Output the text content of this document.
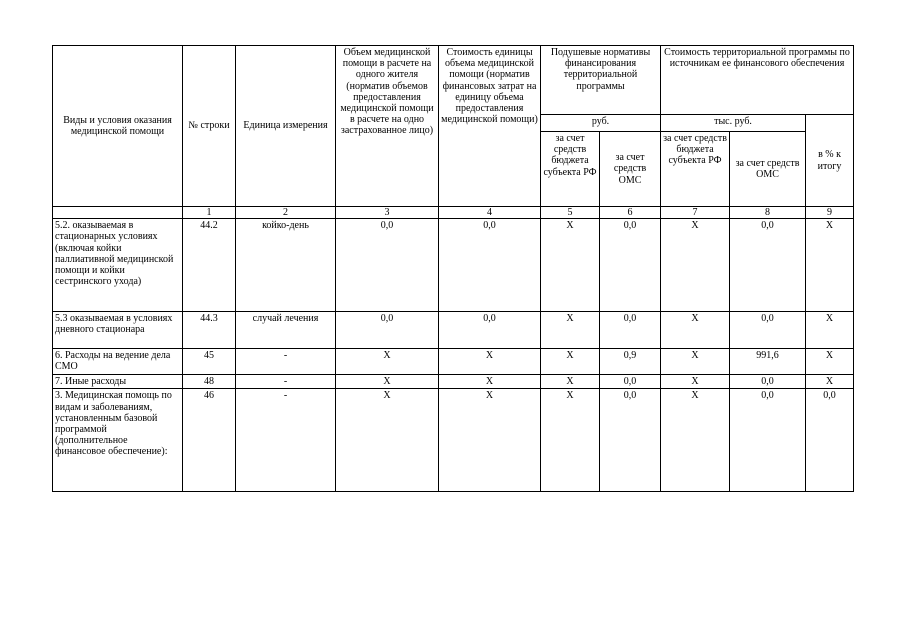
Виды и условия оказания медицинской помощи	№ строки	Единица измерения	Объем медицинской помощи в расчете на одного жителя (норматив объемов предоставления медицинской помощи в расчете на одно застрахованное лицо)	Стоимость единицы объема медицинской помощи (норматив финансовых затрат на единицу объема предоставления медицинской помощи)	Подушевые нормативы финансирования территориальной программы		Стоимость территориальной программы по источникам ее финансового обеспечения		
					руб.		тыс. руб.		в % к итогу
					за счет средств бюджета субъекта РФ	за счет средств ОМС	за счет средств бюджета субъекта РФ	за счет средств ОМС	
	1	2	3	4	5	6	7	8	9
5.2. оказываемая в стационарных условиях (включая койки паллиативной медицинской помощи и койки сестринского ухода)	44.2	койко-день	0,0	0,0	X	0,0	X	0,0	X
5.3 оказываемая в условиях дневного стационара	44.3	случай лечения	0,0	0,0	X	0,0	X	0,0	X
6. Расходы на ведение дела СМО	45	-	X	X	X	0,9	X	991,6	X
7. Иные расходы	48	-	X	X	X	0,0	X	0,0	X
3. Медицинская помощь по видам и заболеваниям, установленным базовой программой (дополнительное финансовое обеспечение):	46	-	X	X	X	0,0	X	0,0	0,0
